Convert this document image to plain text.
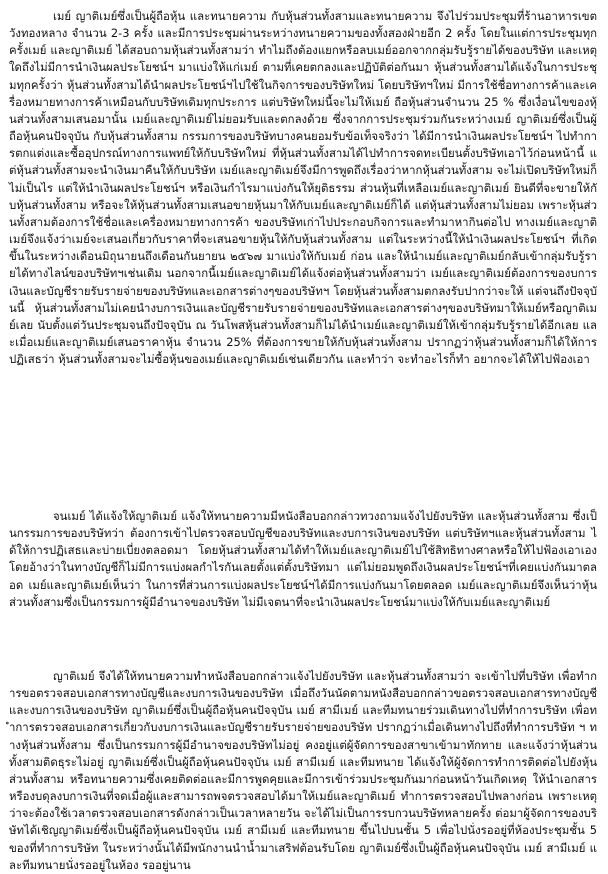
เมย์ ญาติเมย์ซึ่งเป็นผู้ถือหุ้น และทนายความ กับหุ้นส่วนทั้งสามและทนายความ จึงไปร่วมประชุมที่ร้านอาหารเขตวังทองหลาง จำนวน 2-3 ครั้ง และมีการประชุมผ่านระหว่างทนายความของทั้งสองฝ่ายอีก 2 ครั้ง โดยในแต่การประชุมทุกครั้งเมย์ และญาติเมย์ ได้สอบถามหุ้นส่วนทั้งสามว่า ทำไมถึงต้องแยกหรือลบเมย์ออกจากกลุ่มรับรู้รายได้ของบริษัท และเหตุใดถึงไม่มีการนำเงินผลประโยชน์ฯ มาแบ่งให้แก่เมย์ ตามที่เคยตกลงและปฏิบัติต่อกันมา หุ้นส่วนทั้งสามได้แจ้งในการประชุมทุกครั้งว่า หุ้นส่วนทั้งสามได้นำผลประโยชน์ฯไปใช้ในกิจการของบริษัทใหม่ โดยบริษัทฯใหม่ มีการใช้ชื่อทางการค้าและเครื่องหมายทางการค้าเหมือนกับบริษัทเดิมทุกประการ แต่บริษัทใหม่นี้จะไม่ให้เมย์ ถือหุ้นส่วนจำนวน 25 % ซึ่งเงื่อนไขของหุ้นส่วนทั้งสามเสนอมานั้น เมย์และญาติเมย์ไม่ยอมรับและตกลงด้วย ซึ่งจากการประชุมร่วมกันระหว่างเมย์ ญาติเมย์ซึ่งเป็นผู้ถือหุ้นคนปัจจุบัน กับหุ้นส่วนทั้งสาม กรรมการของบริษัทบางคนยอมรับข้อเท็จจริงว่า ได้มีการนำเงินผลประโยชน์ฯ ไปทำการตกแต่งและซื้ออุปกรณ์ทางการแพทย์ให้กับบริษัทใหม่ ที่หุ้นส่วนทั้งสามได้ไปทำการจดทะเบียนตั้งบริษัทเอาไว้ก่อนหน้านี้ แต่หุ้นส่วนทั้งสามจะนำเงินมาคืนให้กับบริษัท เมย์และญาติเมย์จึงมีการพูดถึงเรื่องว่าหากหุ้นส่วนทั้งสาม จะไม่เปิดบริษัทใหม่ก็ไม่เป็นไร แต่ให้นำเงินผลประโยชน์ฯ หรือเงินกำไรมาแบ่งกันให้ยุติธรรม ส่วนหุ้นที่เหลือเมย์และญาติเมย์ ยินดีที่จะขายให้กับหุ้นส่วนทั้งสาม หรือจะให้หุ้นส่วนทั้งสามเสนอขายหุ้นมาให้กับเมย์และญาติเมย์ก็ได้ แต่หุ้นส่วนทั้งสามไม่ยอม เพราะหุ้นส่วนทั้งสามต้องการใช้ชื่อและเครื่องหมายทางการค้า ของบริษัทเก่าไปประกอบกิจการและทำมาหากินต่อไป ทางเมย์และญาติเมย์จึงแจ้งว่าเมย์จะเสนอเกี่ยวกับราคาที่จะเสนอขายหุ้นให้กับหุ้นส่วนทั้งสาม แต่ในระหว่างนี้ให้นำเงินผลประโยชน์ฯ ที่เกิดขึ้นในระหว่างเดือนมิถุนายนถึงเดือนกันยายน ๒๕๖๗ มาแบ่งให้กับเมย์ ก่อน และให้นำเมย์และญาติเมย์กลับเข้ากลุ่มรับรู้รายได้ทางไลน์ของบริษัทฯเช่นเดิม นอกจากนี้เมย์และญาติเมย์ได้แจ้งต่อหุ้นส่วนทั้งสามว่า เมย์และญาติเมย์ต้องการของบการเงินและบัญชีรายรับรายจ่ายของบริษัทและเอกสารต่างๆของบริษัทฯ โดยหุ้นส่วนทั้งสามตกลงรับปากว่าจะให้ แต่จนถึงปัจจุบันนี้ หุ้นส่วนทั้งสามไม่เคยนำงบการเงินและบัญชีรายรับรายจ่ายของบริษัทและเอกสารต่างๆของบริษัทมาให้เมย์หรือญาติเมย์เลย นับตั้งแต่วันประชุมจนถึงปัจจุบัน ณ วันโพสหุ้นส่วนทั้งสามก็ไม่ได้นำเมย์และญาติเมย์ให้เข้ากลุ่มรับรู้รายได้อีกเลย และเมื่อเมย์และญาติเมย์เสนอราคาหุ้น จำนวน 25% ที่ต้องการขายให้กับหุ้นส่วนทั้งสาม ปรากฏว่าหุ้นส่วนทั้งสามก็ได้ให้การปฏิเสธว่า หุ้นส่วนทั้งสามจะไม่ซื้อหุ้นของเมย์และญาติเมย์เช่นเดียวกัน และทำว่า จะทำอะไรก็ทำ อยากจะได้ให้ไปฟ้องเอา

จนเมย์ ได้แจ้งให้ญาติเมย์ แจ้งให้ทนายความมีหนังสือบอกกล่าวทวงถามแจ้งไปยังบริษัท และหุ้นส่วนทั้งสาม ซึ่งเป็นกรรมการของบริษัทว่า ต้องการเข้าไปตรวจสอบบัญชีของบริษัทและงบการเงินของบริษัท แต่บริษัทฯและหุ้นส่วนทั้งสาม ได้ให้การปฏิเสธและบ่ายเบี่ยงตลอดมา โดยหุ้นส่วนทั้งสามได้ทำให้เมย์และญาติเมย์ไปใช้สิทธิทางศาลหรือให้ไปฟ้องเอาเอง โดยอ้างว่าในทางบัญชีก็ไม่มีการแบ่งผลกำไรกันเลยตั้งแต่ตั้งบริษัทมา แต่ไม่ยอมพูดถึงเงินผลประโยชน์ฯที่เคยแบ่งกันมาตลอด เมย์และญาติเมย์เห็นว่า ในการที่ส่วนการแบ่งผลประโยชน์ฯได้มีการแบ่งกันมาโดยตลอด เมย์และญาติเมย์จึงเห็นว่าหุ้นส่วนทั้งสามซึ่งเป็นกรรมการผู้มีอำนาจของบริษัท ไม่มีเจตนาที่จะนำเงินผลประโยชน์มาแบ่งให้กับเมย์และญาติเมย์

ญาติเมย์ จึงได้ให้ทนายความทำหนังสือบอกกล่าวแจ้งไปยังบริษัท และหุ้นส่วนทั้งสามว่า จะเข้าไปที่บริษัท เพื่อทำการขอตรวจสอบเอกสารทางบัญชีและงบการเงินของบริษัท เมื่อถึงวันนัดตามหนังสือบอกกล่าวขอตรวจสอบเอกสารทางบัญชีและงบการเงินของบริษัท ญาติเมย์ซึ่งเป็นผู้ถือหุ้นคนปัจจุบัน เมย์ สามีเมย์ และทีมทนายร่วมเดินทางไปที่ทำการบริษัท เพื่อทำการตรวจสอบเอกสารเกี่ยวกับงบการเงินและบัญชีรายรับรายจ่ายของบริษัท ปรากฏว่าเมื่อเดินทางไปถึงที่ทำการบริษัท ฯ ทางหุ้นส่วนทั้งสาม ซึ่งเป็นกรรมการผู้มีอำนาจของบริษัทไม่อยู่ คงอยู่แต่ผู้จัดการของสาขาเข้ามาทักทาย และแจ้งว่าหุ้นส่วนทั้งสามติดธุระไม่อยู่ ญาติเมย์ซึ่งเป็นผู้ถือหุ้นคนปัจจุบัน เมย์ สามีเมย์ และทีมทนาย ได้แจ้งให้ผู้จัดการทำการติดต่อไปยังหุ้นส่วนทั้งสาม หรือทนายความซึ่งเคยติดต่อและมีการพูดคุยและมีการเข้าร่วมประชุมกันมาก่อนหน้าวันเกิดเหตุ ให้นำเอกสารหรืองบดุลงบการเงินที่จดเมื่อผู้และสามารถพจตรวจสอบได้มาให้เมย์และญาติเมย์ ทำการตรวจสอบไปพลางก่อน เพราะเหตุว่าจะต้องใช้เวลาตรวจสอบเอกสารดังกล่าวเป็นเวลาหลายวัน จะได้ไม่เป็นการรบกวนบริษัทหลายครั้ง ต่อมาผู้จัดการของบริษัทได้เชิญญาติเมย์ซึ่งเป็นผู้ถือหุ้นคนปัจจุบัน เมย์ สามีเมย์ และทีมทนาย ขึ้นไปบนชั้น 5 เพื่อไปนั่งรออยู่ที่ห้องประชุมชั้น 5 ของที่ทำการบริษัท ในระหว่างนั้นได้มีพนักงานนำน้ำมาเสริฟต้อนรับโดย ญาติเมย์ซึ่งเป็นผู้ถือหุ้นคนปัจจุบัน เมย์ สามีเมย์ และทีมทนายนั่งรออยู่ในห้อง รออยู่นาน
